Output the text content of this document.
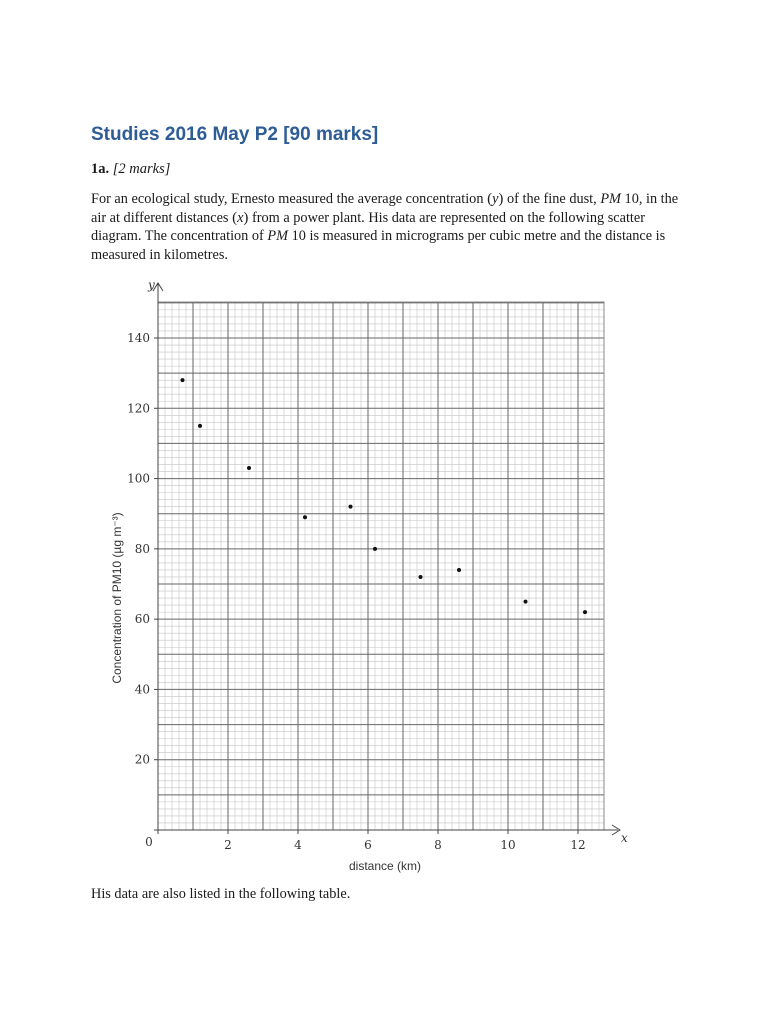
Studies 2016 May P2 [90 marks]

1a. [2 marks]

For an ecological study, Ernesto measured the average concentration (y) of the fine dust, PM 10, in the air at different distances (x) from a power plant. His data are represented on the following scatter diagram. The concentration of PM 10 is measured in micrograms per cubic metre and the distance is measured in kilometres.

2	4	6	8	10	12
20
40
60
80
100
120
140
0	x
y
distance (km)
Concentration of PM10 (µg m⁻³)

His data are also listed in the following table.
